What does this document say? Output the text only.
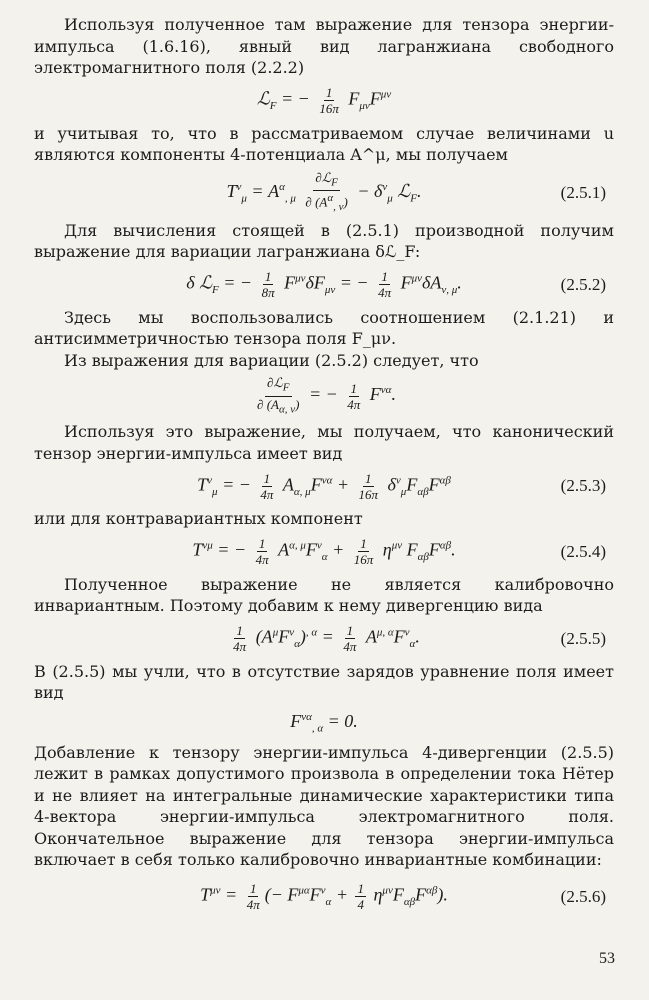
Используя полученное там выражение для тензора энергии-импульса (1.6.16), явный вид лагранжиана свободного электромагнитного поля (2.2.2)

ℒ$_F$ = − $\frac{1}{16\pi} F_{\mu\nu}F^{\mu\nu}$

и учитывая то, что в рассматриваемом случае величинами u являются компоненты 4-потенциала A^μ, мы получаем

$T^\nu_\mu = A^\alpha_{, \mu} \frac{\partial ℒ_F}{\partial (A^\alpha_{, \nu})} - \delta^\nu_\mu$ ℒ$_F$.	(2.5.1)

Для вычисления стоящей в (2.5.1) производной получим выражение для вариации лагранжиана δℒ_F:

δ ℒ$_F$ = − $\frac{1}{8\pi} F^{\mu\nu}\delta F_{\mu\nu}$ = − $\frac{1}{4\pi} F^{\mu\nu}\delta A_{\nu, \mu}$.	(2.5.2)

Здесь мы воспользовались соотношением (2.1.21) и антисимметричностью тензора поля F_μν.

Из выражения для вариации (2.5.2) следует, что

$\frac{\partial ℒ_F}{\partial (A_{\alpha, \nu})}$ = − $\frac{1}{4\pi} F^{\nu\alpha}$.

Используя это выражение, мы получаем, что канонический тензор энергии-импульса имеет вид

$T^\nu_\mu$ = − $\frac{1}{4\pi} A_{\alpha, \mu}F^{\nu\alpha} + \frac{1}{16\pi} \delta^\nu_\mu F_{\alpha\beta}F^{\alpha\beta}$	(2.5.3)

или для контравариантных компонент

$T^{\nu\mu}$ = − $\frac{1}{4\pi} A^{\alpha, \mu}F^\nu_\alpha + \frac{1}{16\pi} \eta^{\mu\nu}$ $F_{\alpha\beta}F^{\alpha\beta}$.	(2.5.4)

Полученное выражение не является калибровочно инвариантным. Поэтому добавим к нему дивергенцию вида

$\frac{1}{4\pi} (A^\mu F^\nu_\alpha)^{, \alpha} = \frac{1}{4\pi} A^{\mu, \alpha}F^\nu_\alpha$.	(2.5.5)

В (2.5.5) мы учли, что в отсутствие зарядов уравнение поля имеет вид

$F^{\nu\alpha}_{, \alpha} = 0$.

Добавление к тензору энергии-импульса 4-дивергенции (2.5.5) лежит в рамках допустимого произвола в определении тока Нётер и не влияет на интегральные динамические характеристики типа 4-вектора энергии-импульса электромагнитного поля. Окончательное выражение для тензора энергии-импульса включает в себя только калибровочно инвариантные комбинации:

$T^{\mu\nu} = \frac{1}{4\pi}$ (− $F^{\mu\alpha}F^\nu_\alpha + \frac{1}{4} \eta^{\mu\nu}F_{\alpha\beta}F^{\alpha\beta}$).	(2.5.6)
53
